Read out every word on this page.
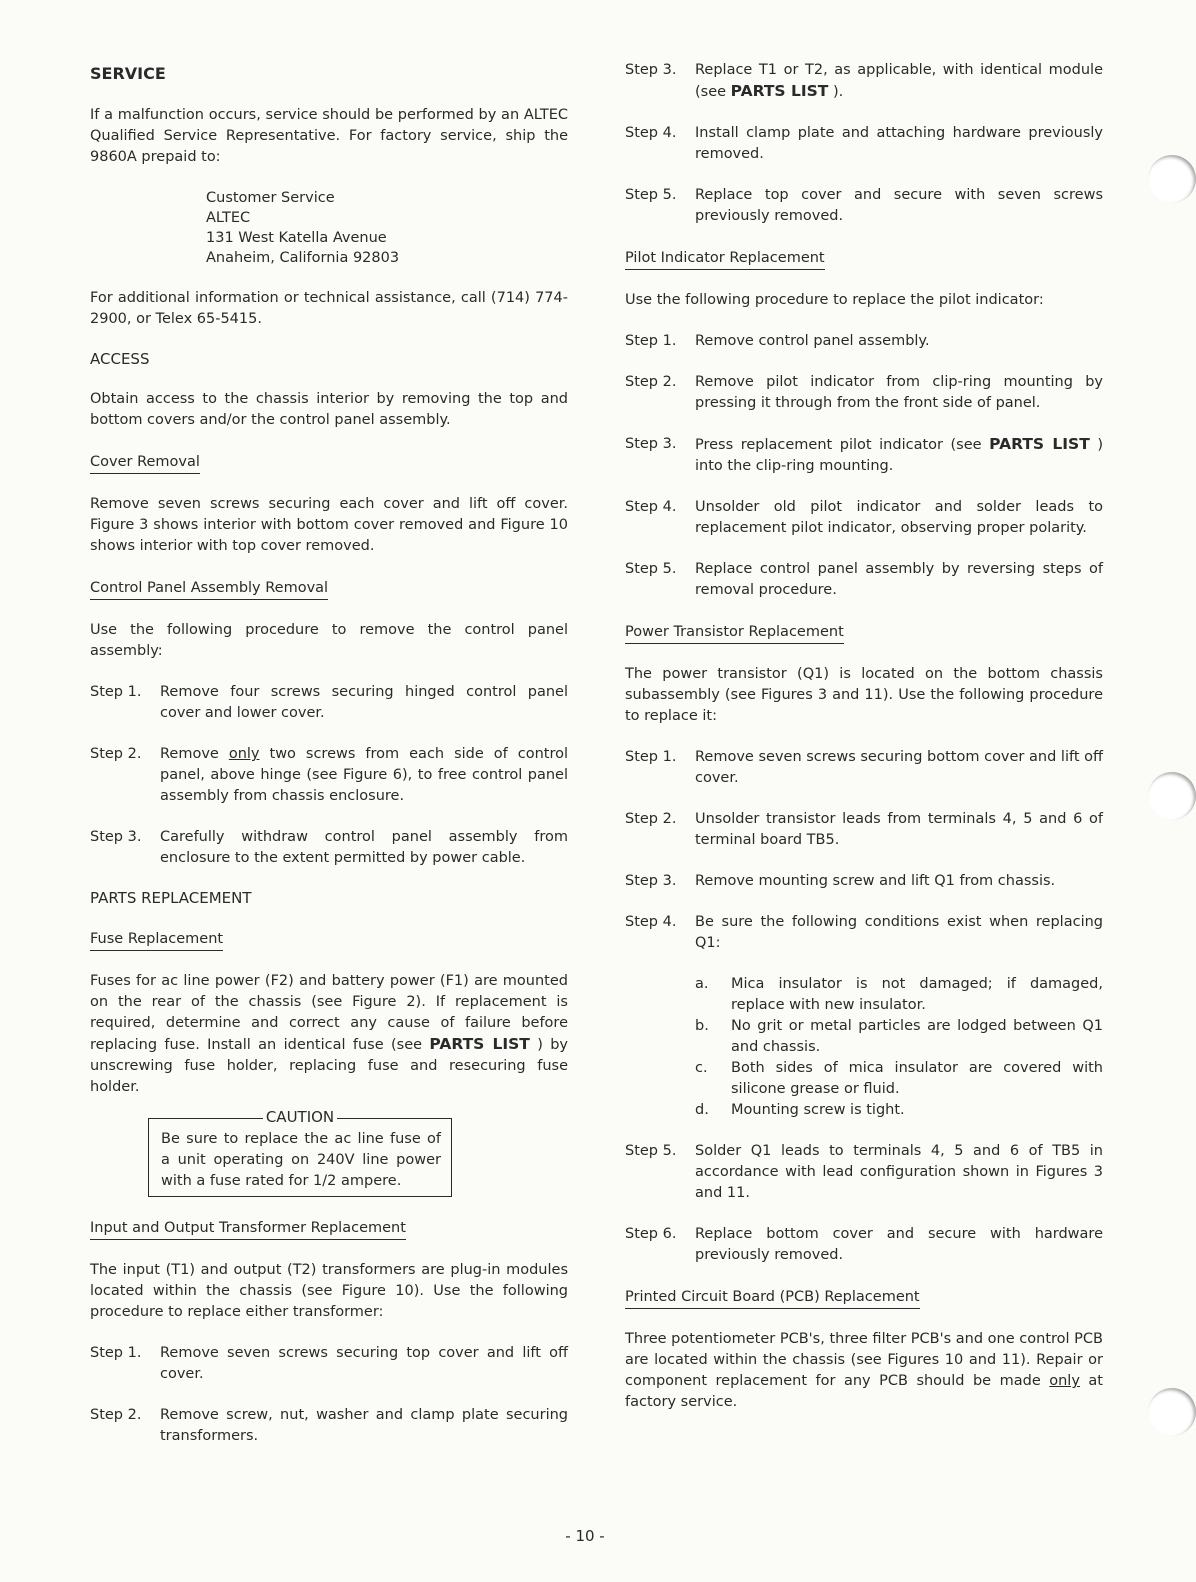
SERVICE

If a malfunction occurs, service should be performed by an ALTEC Qualified Service Representative. For factory service, ship the 9860A prepaid to:

Customer Service
ALTEC
131 West Katella Avenue
Anaheim, California 92803

For additional information or technical assistance, call (714) 774-2900, or Telex 65-5415.

ACCESS

Obtain access to the chassis interior by removing the top and bottom covers and/or the control panel assembly.

Cover Removal

Remove seven screws securing each cover and lift off cover. Figure 3 shows interior with bottom cover removed and Figure 10 shows interior with top cover removed.

Control Panel Assembly Removal

Use the following procedure to remove the control panel assembly:

Step 1.	Remove four screws securing hinged control panel cover and lower cover.
Step 2.	Remove only two screws from each side of control panel, above hinge (see Figure 6), to free control panel assembly from chassis enclosure.
Step 3.	Carefully withdraw control panel assembly from enclosure to the extent permitted by power cable.
PARTS REPLACEMENT
Fuse Replacement

Fuses for ac line power (F2) and battery power (F1) are mounted on the rear of the chassis (see Figure 2). If replacement is required, determine and correct any cause of failure before replacing fuse. Install an identical fuse (see PARTS LIST ) by unscrewing fuse holder, replacing fuse and resecuring fuse holder.

CAUTION
Be sure to replace the ac line fuse of a unit operating on 240V line power with a fuse rated for 1/2 ampere.
Input and Output Transformer Replacement

The input (T1) and output (T2) transformers are plug-in modules located within the chassis (see Figure 10). Use the following procedure to replace either transformer:

Step 1.	Remove seven screws securing top cover and lift off cover.
Step 2.	Remove screw, nut, washer and clamp plate securing transformers.
Step 3.	Replace T1 or T2, as applicable, with identical module (see PARTS LIST ).
Step 4.	Install clamp plate and attaching hardware previously removed.
Step 5.	Replace top cover and secure with seven screws previously removed.
Pilot Indicator Replacement

Use the following procedure to replace the pilot indicator:

Step 1.	Remove control panel assembly.
Step 2.	Remove pilot indicator from clip-ring mounting by pressing it through from the front side of panel.
Step 3.	Press replacement pilot indicator (see PARTS LIST ) into the clip-ring mounting.
Step 4.	Unsolder old pilot indicator and solder leads to replacement pilot indicator, observing proper polarity.
Step 5.	Replace control panel assembly by reversing steps of removal procedure.
Power Transistor Replacement

The power transistor (Q1) is located on the bottom chassis subassembly (see Figures 3 and 11). Use the following procedure to replace it:

Step 1.	Remove seven screws securing bottom cover and lift off cover.
Step 2.	Unsolder transistor leads from terminals 4, 5 and 6 of terminal board TB5.
Step 3.	Remove mounting screw and lift Q1 from chassis.
Step 4.	Be sure the following conditions exist when replacing Q1:
a.	Mica insulator is not damaged; if damaged, replace with new insulator.
b.	No grit or metal particles are lodged between Q1 and chassis.
c.	Both sides of mica insulator are covered with silicone grease or fluid.
d.	Mounting screw is tight.
Step 5.	Solder Q1 leads to terminals 4, 5 and 6 of TB5 in accordance with lead configuration shown in Figures 3 and 11.
Step 6.	Replace bottom cover and secure with hardware previously removed.
Printed Circuit Board (PCB) Replacement

Three potentiometer PCB's, three filter PCB's and one control PCB are located within the chassis (see Figures 10 and 11). Repair or component replacement for any PCB should be made only at factory service.

- 10 -
